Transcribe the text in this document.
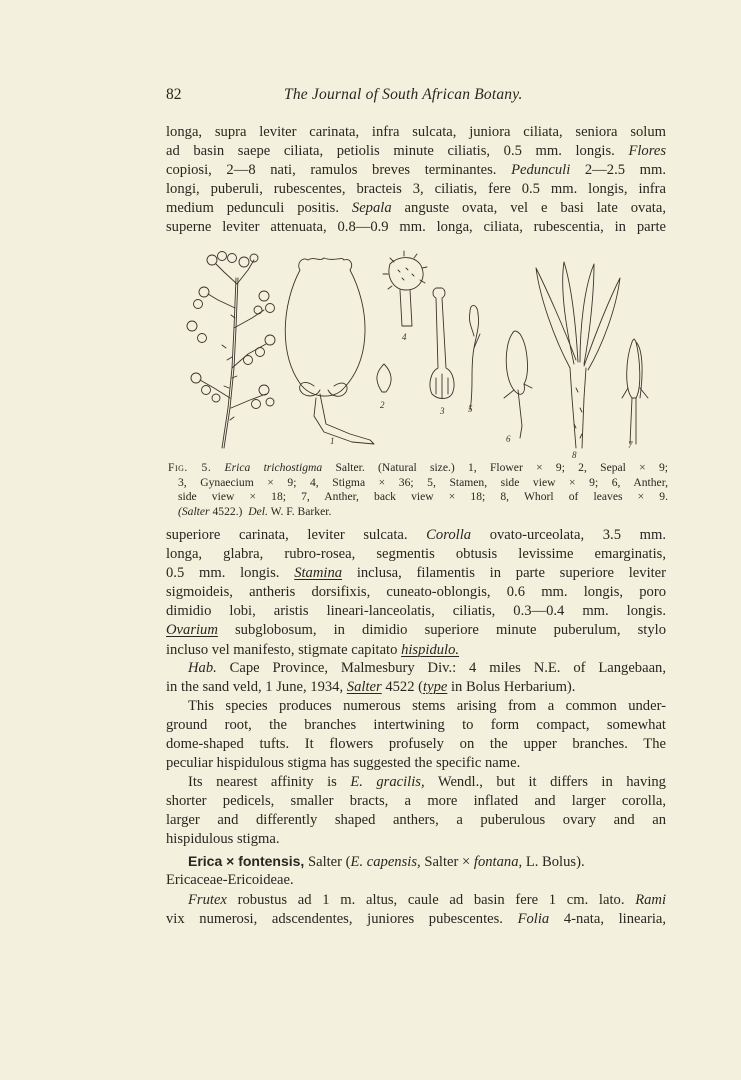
82	The Journal of South African Botany.
longa, supra leviter carinata, infra sulcata, juniora ciliata, seniora solum
ad basin saepe ciliata, petiolis minute ciliatis, 0.5 mm. longis. Flores
copiosi, 2—8 nati, ramulos breves terminantes. Pedunculi 2—2.5 mm.
longi, puberuli, rubescentes, bracteis 3, ciliatis, fere 0.5 mm. longis, infra
medium pedunculi positis. Sepala anguste ovata, vel e basi late ovata,
superne leviter attenuata, 0.8—0.9 mm. longa, ciliata, rubescentia, in parte
1
2
3
4
5
6
7
8
Fig. 5. Erica trichostigma Salter. (Natural size.) 1, Flower × 9; 2, Sepal × 9;
3, Gynaecium × 9; 4, Stigma × 36; 5, Stamen, side view × 9; 6, Anther,
side view × 18; 7, Anther, back view × 18; 8, Whorl of leaves × 9.
(Salter 4522.) Del. W. F. Barker.
superiore carinata, leviter sulcata. Corolla ovato-urceolata, 3.5 mm.
longa, glabra, rubro-rosea, segmentis obtusis levissime emarginatis,
0.5 mm. longis. Stamina inclusa, filamentis in parte superiore leviter
sigmoideis, antheris dorsifixis, cuneato-oblongis, 0.6 mm. longis, poro
dimidio lobi, aristis lineari-lanceolatis, ciliatis, 0.3—0.4 mm. longis.
Ovarium subglobosum, in dimidio superiore minute puberulum, stylo
incluso vel manifesto, stigmate capitato hispidulo.
Hab. Cape Province, Malmesbury Div.: 4 miles N.E. of Langebaan,
in the sand veld, 1 June, 1934, Salter 4522 (type in Bolus Herbarium).
This species produces numerous stems arising from a common under-
ground root, the branches intertwining to form compact, somewhat
dome-shaped tufts. It flowers profusely on the upper branches. The
peculiar hispidulous stigma has suggested the specific name.
Its nearest affinity is E. gracilis, Wendl., but it differs in having
shorter pedicels, smaller bracts, a more inflated and larger corolla,
larger and differently shaped anthers, a puberulous ovary and an
hispidulous stigma.
Erica × fontensis, Salter (E. capensis, Salter × fontana, L. Bolus).
Ericaceae-Ericoideae.
Frutex robustus ad 1 m. altus, caule ad basin fere 1 cm. lato. Rami
vix numerosi, adscendentes, juniores pubescentes. Folia 4-nata, linearia,
